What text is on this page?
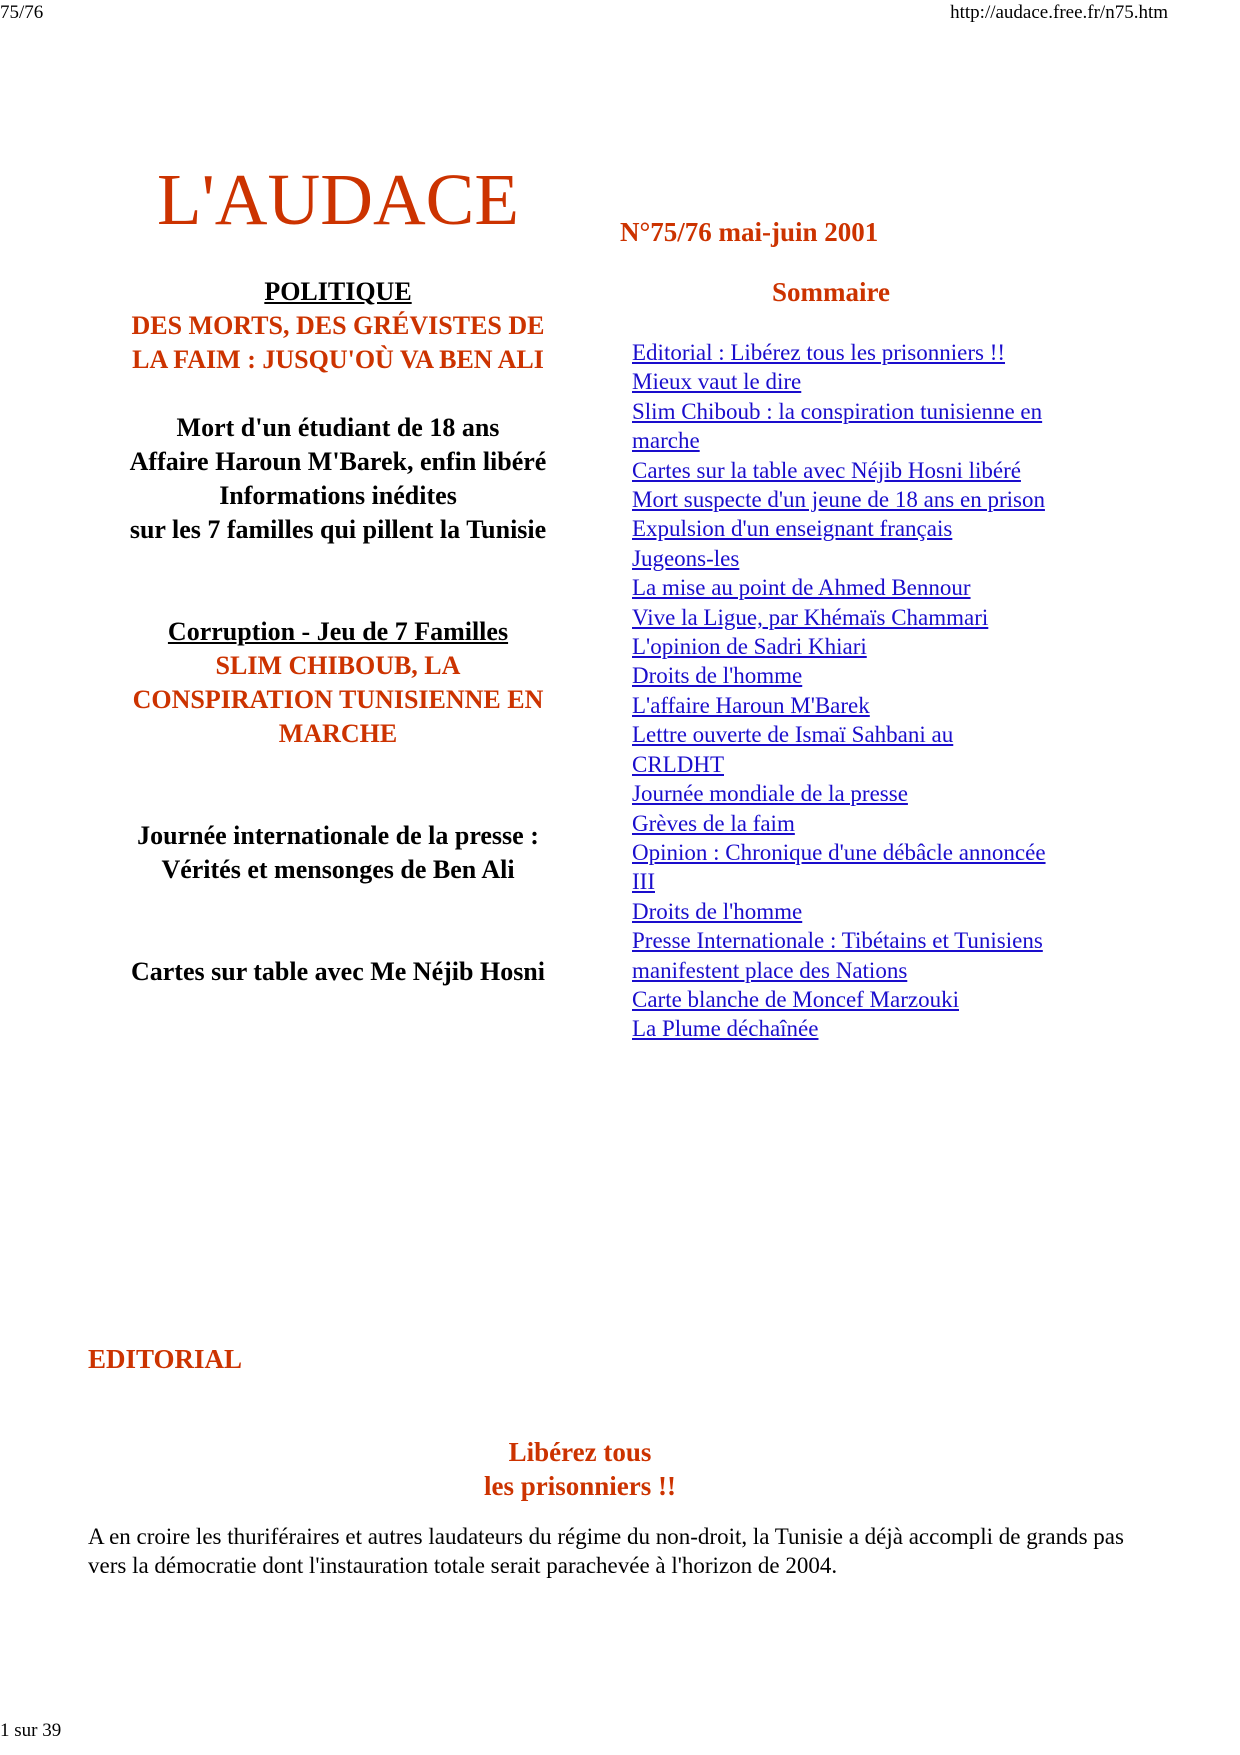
75/76	http://audace.free.fr/n75.htm
L'AUDACE	N°75/76 mai-juin 2001
Sommaire
POLITIQUE
DES MORTS, DES GRÉVISTES DE LA FAIM : JUSQU'OÙ VA BEN ALI
Mort d'un étudiant de 18 ans
Affaire Haroun M'Barek, enfin libéré
Informations inédites
sur les 7 familles qui pillent la Tunisie
Corruption - Jeu de 7 Familles
SLIM CHIBOUB, LA CONSPIRATION TUNISIENNE EN MARCHE
Journée internationale de la presse :
Vérités et mensonges de Ben Ali
Cartes sur table avec Me Néjib Hosni
Editorial : Libérez tous les prisonniers !!
Mieux vaut le dire
Slim Chiboub : la conspiration tunisienne en marche
Cartes sur la table avec Néjib Hosni libéré
Mort suspecte d'un jeune de 18 ans en prison
Expulsion d'un enseignant français
Jugeons-les
La mise au point de Ahmed Bennour
Vive la Ligue, par Khémaïs Chammari
L'opinion de Sadri Khiari
Droits de l'homme
L'affaire Haroun M'Barek
Lettre ouverte de Ismaï Sahbani au CRLDHT
Journée mondiale de la presse
Grèves de la faim
Opinion : Chronique d'une débâcle annoncée III
Droits de l'homme
Presse Internationale : Tibétains et Tunisiens manifestent place des Nations
Carte blanche de Moncef Marzouki
La Plume déchaînée
EDITORIAL
Libérez tous
les prisonniers !!
A en croire les thuriféraires et autres laudateurs du régime du non-droit, la Tunisie a déjà accompli de grands pas vers la démocratie dont l'instauration totale serait parachevée à l'horizon de 2004.
1 sur 39
